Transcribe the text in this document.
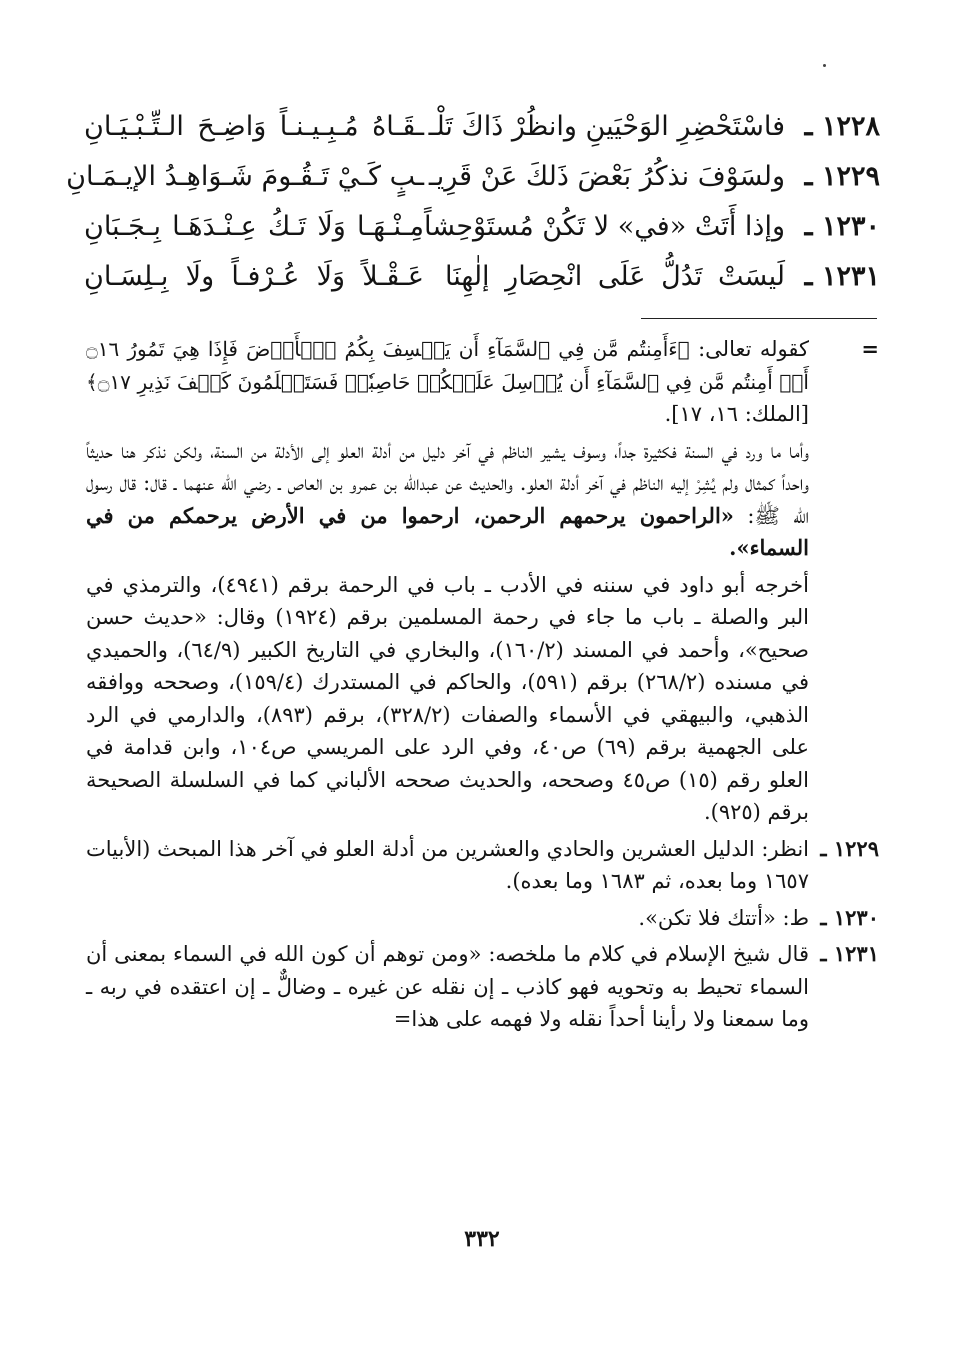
١٢٢٨ ـ
فاسْتَحْضِرِ الوَحْيَينِ وانظُرْ ذَاكَ تَلْـ
ـقَـاهُ مُـبِـيـنـاً وَاضِـحَ الـتِّـبْـيَـانِ
١٢٢٩ ـ
ولسَوْفَ نذكُرُ بَعْضَ ذَلكَ عَنْ قَرِيـ
ـبٍ كَـيْ تَـقُـومَ شَـوَاهِـدُ الإيـمَـانِ
١٢٣٠ ـ
وإذا أَتَتْ «في» لا تَكُنْ مُستَوْحِشاً
مِـنْـهَـا وَلَا تَـكُ عِـنْـدَهَـا بِـجَـبَانِ
١٢٣١ ـ
لَيسَتْ تَدُلُّ عَلَى انْحِصَارِ إلٰهِنَا
عَـقْـلاً وَلَا عُـرْفـاً ولَا بِـلِسَـانِ
=

كقوله تعالى: ﴿ءَأَمِنتُم مَّن فِي ٱلسَّمَآءِ أَن يَخۡسِفَ بِكُمُ ٱلۡأَرۡضَ فَإِذَا هِيَ تَمُورُ ۝١٦ أَمۡ أَمِنتُم مَّن فِي ٱلسَّمَآءِ أَن يُرۡسِلَ عَلَيۡكُمۡ حَاصِبٗاۖ فَسَتَعۡلَمُونَ كَيۡفَ نَذِيرِ ۝١٧﴾ [الملك: ١٦، ١٧].

وأما ما ورد في السنة فكثيرة جداً، وسوف يشير الناظم في آخر دليل من أدلة العلو إلى الأدلة من السنة، ولكن نذكر هنا حديثاً واحداً كمثال ولم يُشِرْ إليه الناظم في آخر أدلة العلو. والحديث عن عبدالله بن عمرو بن العاص ـ رضي الله عنهما ـ قال: قال رسول الله ﷺ: «الراحمون يرحمهم الرحمن، ارحموا من في الأرض يرحمكم من في السماء».

أخرجه أبو داود في سننه في الأدب ـ باب في الرحمة برقم (٤٩٤١)، والترمذي في البر والصلة ـ باب ما جاء في رحمة المسلمين برقم (١٩٢٤) وقال: «حديث حسن صحيح»، وأحمد في المسند (١٦٠/٢)، والبخاري في التاريخ الكبير (٦٤/٩)، والحميدي في مسنده (٢٦٨/٢) برقم (٥٩١)، والحاكم في المستدرك (١٥٩/٤)، وصححه ووافقه الذهبي، والبيهقي في الأسماء والصفات (٣٢٨/٢)، برقم (٨٩٣)، والدارمي في الرد على الجهمية برقم (٦٩) ص٤٠، وفي الرد على المريسي ص١٠٤، وابن قدامة في العلو رقم (١٥) ص٤٥ وصححه، والحديث صححه الألباني كما في السلسلة الصحيحة برقم (٩٢٥).

١٢٢٩ ـ

انظر: الدليل العشرين والحادي والعشرين من أدلة العلو في آخر هذا المبحث (الأبيات ١٦٥٧ وما بعده، ثم ١٦٨٣ وما بعده).

١٢٣٠ ـ

ط: «أتتك فلا تكن».

١٢٣١ ـ

قال شيخ الإسلام في كلام ما ملخصه: «ومن توهم أن كون الله في السماء بمعنى أن السماء تحيط به وتحويه فهو كاذب ـ إن نقله عن غيره ـ وضالٌّ ـ إن اعتقده في ربه ـ وما سمعنا ولا رأينا أحداً نقله ولا فهمه على هذا=

٣٣٢
